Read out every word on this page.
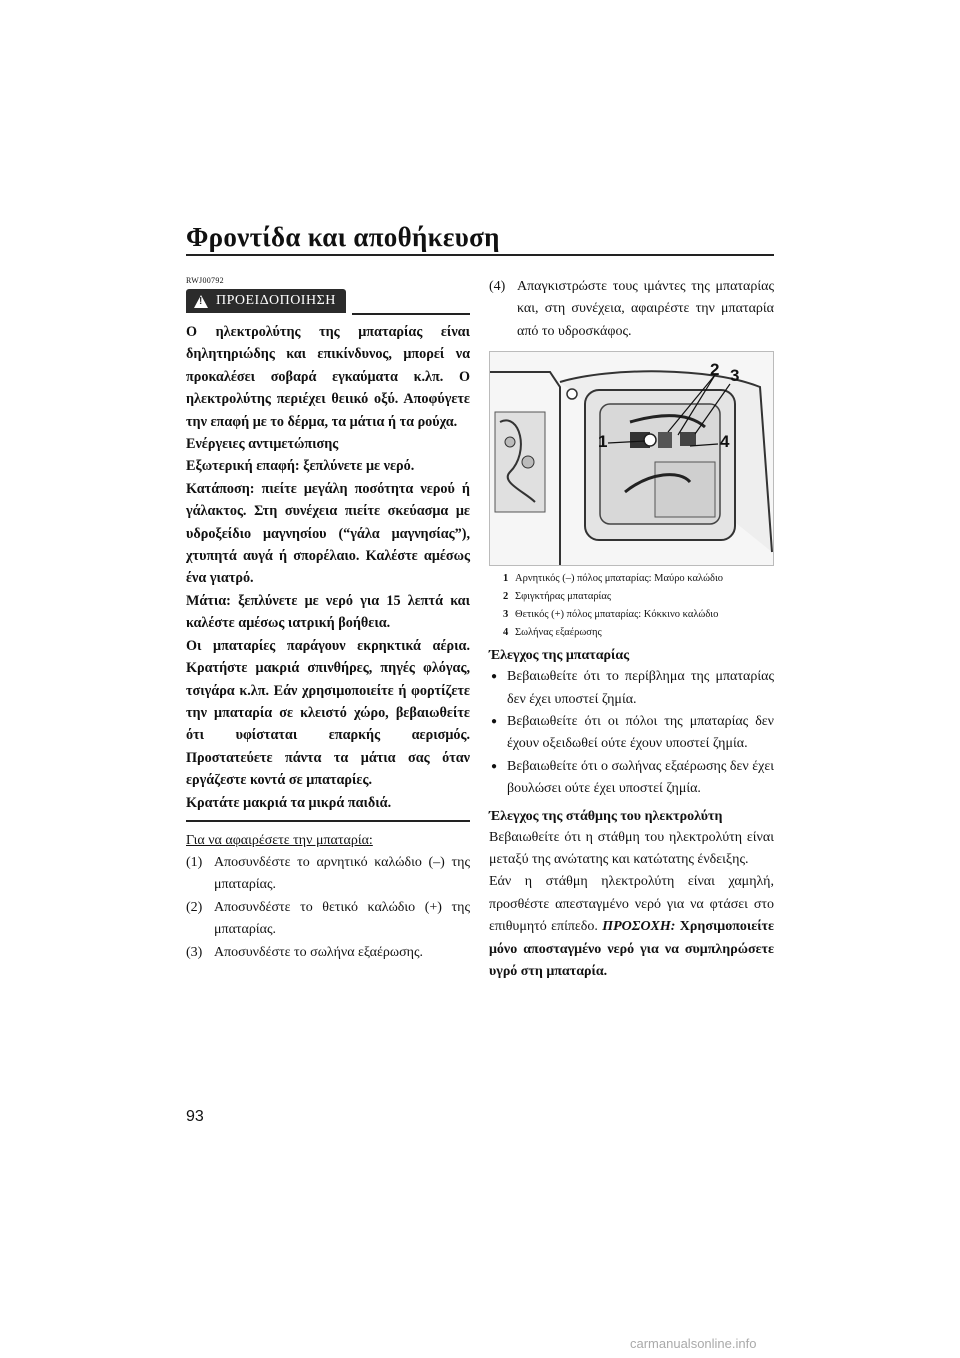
Φροντίδα και αποθήκευση
RWJ00792
!
ΠΡΟΕΙΔΟΠΟΙΗΣΗ

Ο ηλεκτρολύτης της μπαταρίας είναι δηλητηριώδης και επικίνδυνος, μπορεί να προκαλέσει σοβαρά εγκαύματα κ.λπ. Ο ηλεκτρολύτης περιέχει θειικό οξύ. Αποφύγετε την επαφή με το δέρμα, τα μάτια ή τα ρούχα.

Ενέργειες αντιμετώπισης

Εξωτερική επαφή: ξεπλύνετε με νερό.

Κατάποση: πιείτε μεγάλη ποσότητα νερού ή γάλακτος. Στη συνέχεια πιείτε σκεύασμα με υδροξείδιο μαγνησίου (“γάλα μαγνησίας”), χτυπητά αυγά ή σπορέλαιο. Καλέστε αμέσως ένα γιατρό.

Μάτια: ξεπλύνετε με νερό για 15 λεπτά και καλέστε αμέσως ιατρική βοήθεια.

Οι μπαταρίες παράγουν εκρηκτικά αέρια. Κρατήστε μακριά σπινθήρες, πηγές φλόγας, τσιγάρα κ.λπ. Εάν χρησιμοποιείτε ή φορτίζετε την μπαταρία σε κλειστό χώρο, βεβαιωθείτε ότι υφίσταται επαρκής αερισμός. Προστατεύετε πάντα τα μάτια σας όταν εργάζεστε κοντά σε μπαταρίες.

Κρατάτε μακριά τα μικρά παιδιά.

Για να αφαιρέσετε την μπαταρία:
(1) Αποσυνδέστε το αρνητικό καλώδιο (–) της μπαταρίας.
(2) Αποσυνδέστε το θετικό καλώδιο (+) της μπαταρίας.
(3) Αποσυνδέστε το σωλήνα εξαέρωσης.
(4) Απαγκιστρώστε τους ιμάντες της μπαταρίας και, στη συνέχεια, αφαιρέστε την μπαταρία από το υδροσκάφος.
1
2 3
4
1 Αρνητικός (–) πόλος μπαταρίας: Μαύρο καλώδιο
2 Σφιγκτήρας μπαταρίας
3 Θετικός (+) πόλος μπαταρίας: Κόκκινο καλώδιο
4 Σωλήνας εξαέρωσης
Έλεγχος της μπαταρίας
● Βεβαιωθείτε ότι το περίβλημα της μπαταρίας δεν έχει υποστεί ζημία.
● Βεβαιωθείτε ότι οι πόλοι της μπαταρίας δεν έχουν οξειδωθεί ούτε έχουν υποστεί ζημία.
● Βεβαιωθείτε ότι ο σωλήνας εξαέρωσης δεν έχει βουλώσει ούτε έχει υποστεί ζημία.
Έλεγχος της στάθμης του ηλεκτρολύτη

Βεβαιωθείτε ότι η στάθμη του ηλεκτρολύτη είναι μεταξύ της ανώτατης και κατώτατης ένδειξης.

Εάν η στάθμη ηλεκτρολύτη είναι χαμηλή, προσθέστε απεσταγμένο νερό για να φτάσει στο επιθυμητό επίπεδο. ΠΡΟΣΟΧΗ: Χρησιμοποιείτε μόνο αποσταγμένο νερό για να συμπληρώσετε υγρό στη μπαταρία.

93
carmanualsonline.info
